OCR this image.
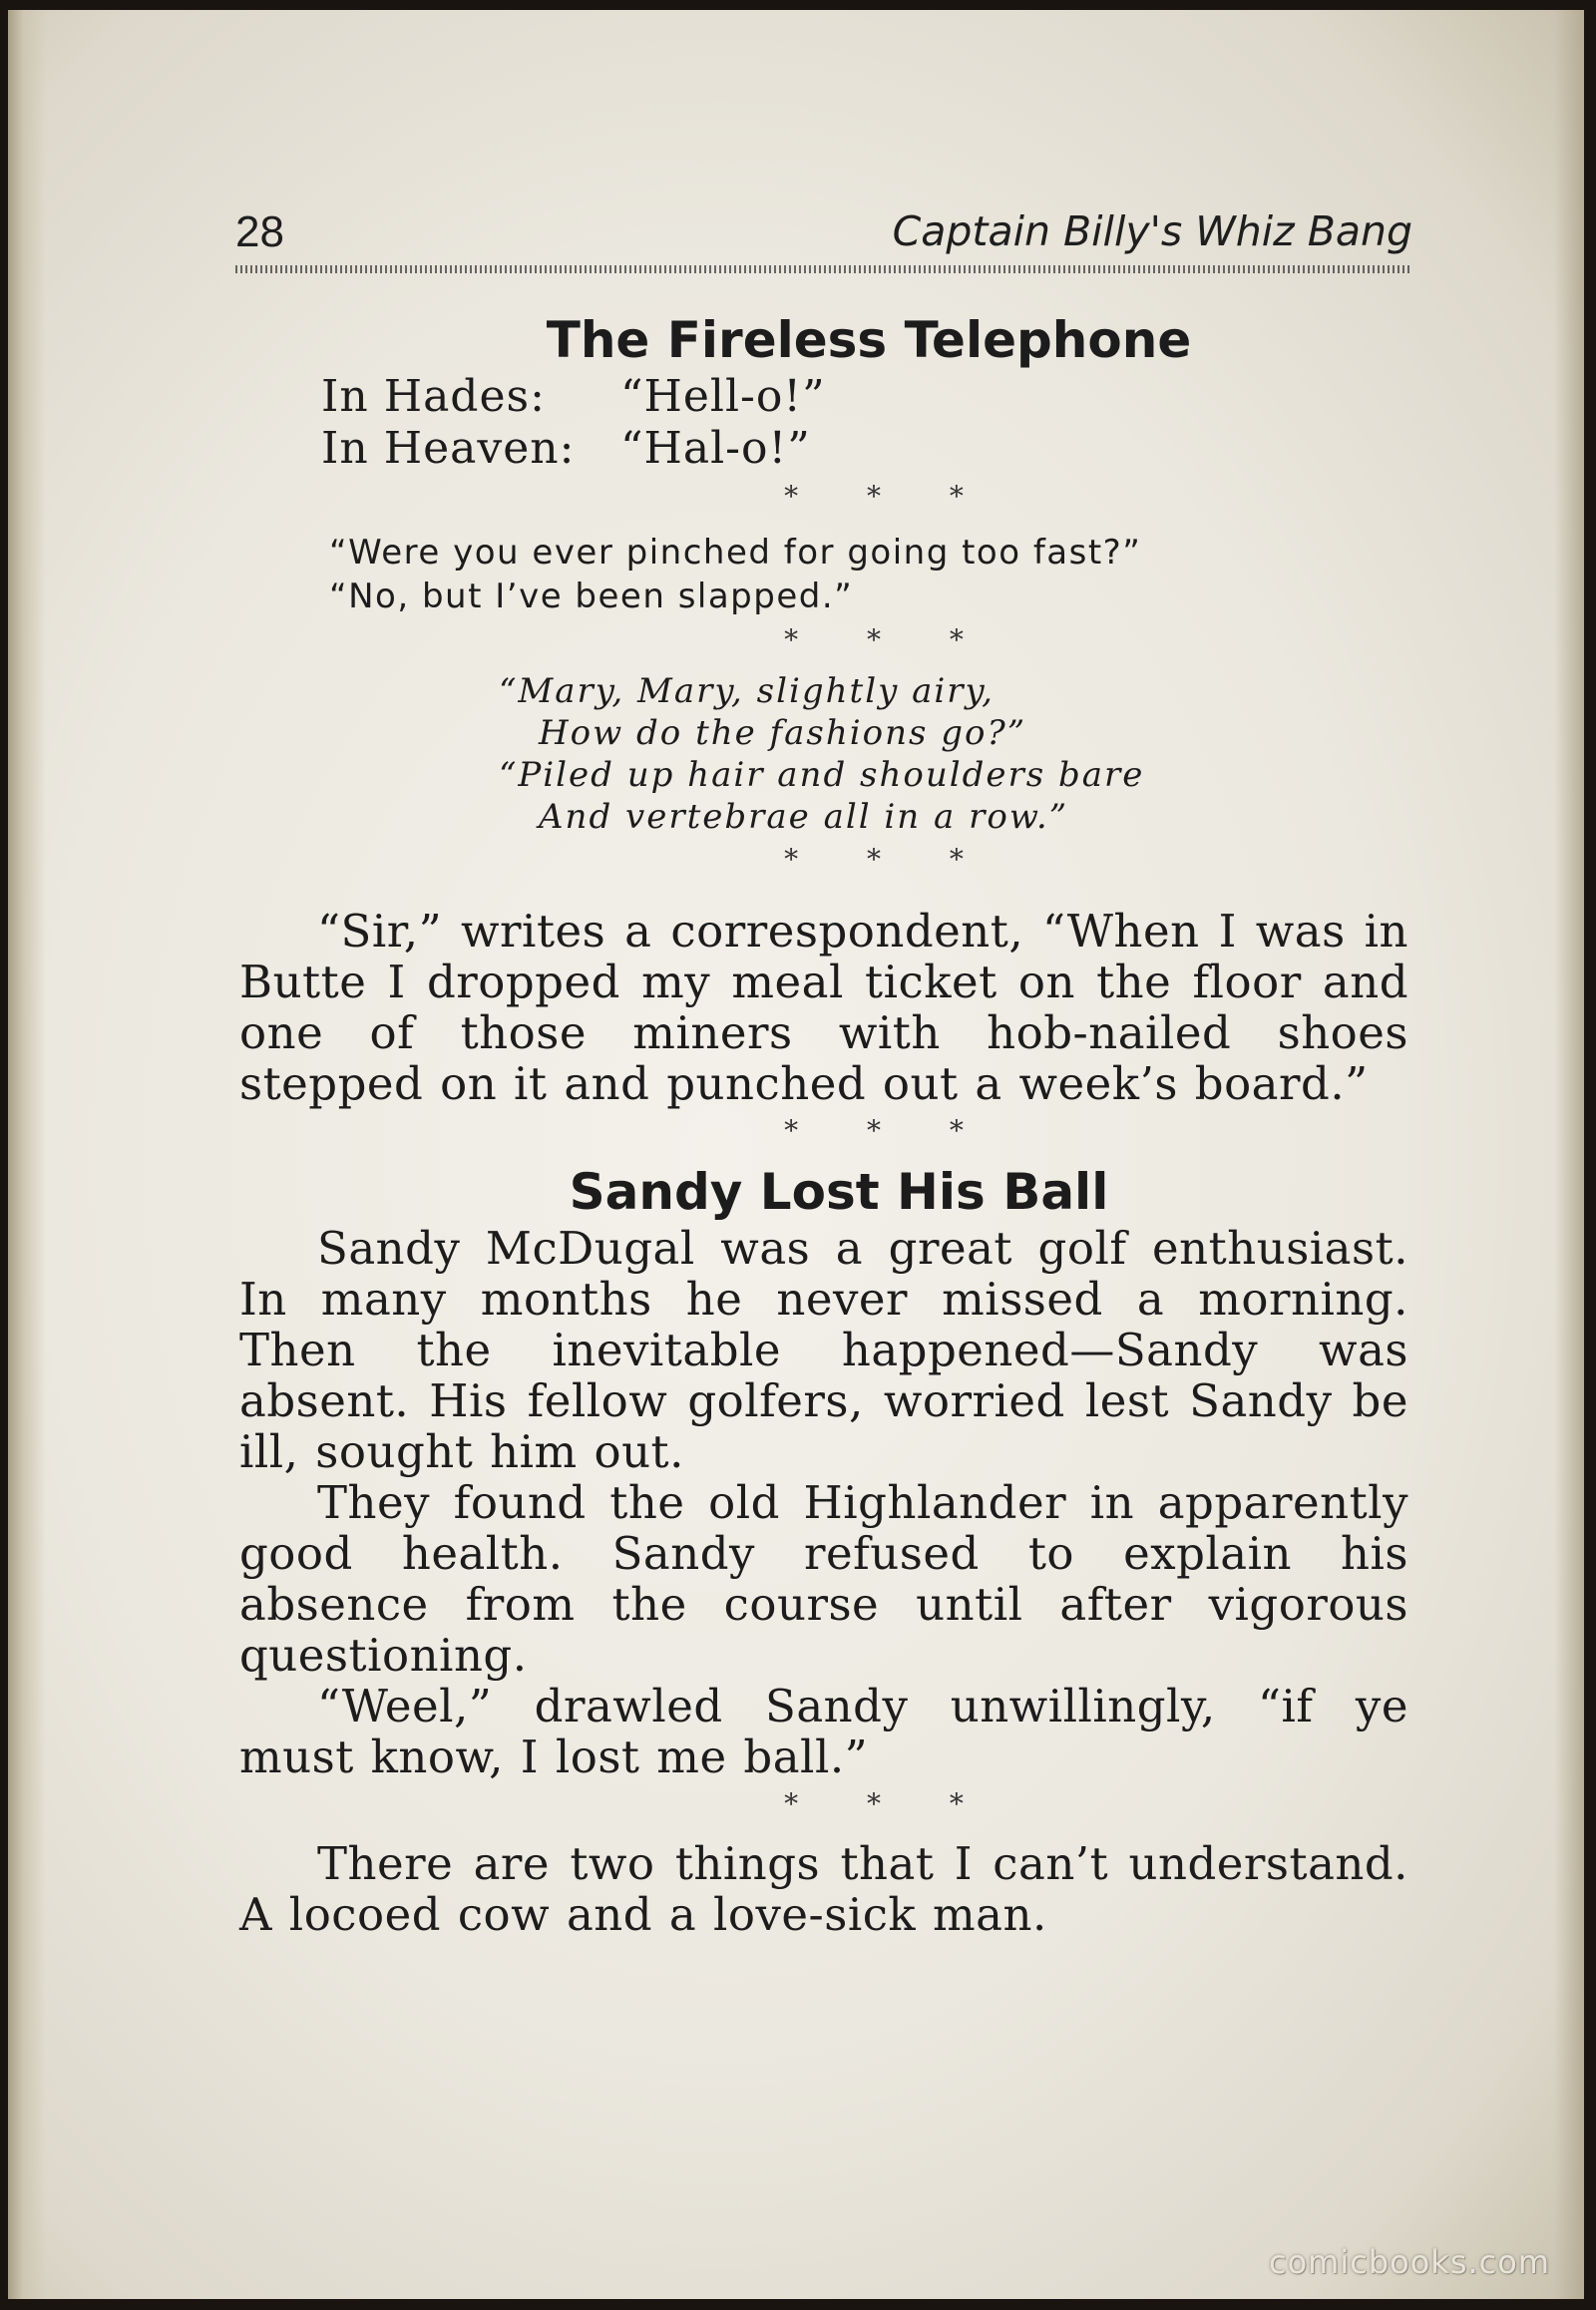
28	Captain Billy's Whiz Bang
The Fireless Telephone
In Hades: “Hell-o!”
In Heaven: “Hal-o!”
* * *
“Were you ever pinched for going too fast?”
“No, but I’ve been slapped.”
* * *
“Mary, Mary, slightly airy,
How do the fashions go?”
“Piled up hair and shoulders bare
And vertebrae all in a row.”
* * *

“Sir,” writes a correspondent, “When I was in Butte I dropped my meal ticket on the floor and one of those miners with hob-nailed shoes stepped on it and punched out a week’s board.”

* * *
Sandy Lost His Ball

Sandy McDugal was a great golf enthusiast. In many months he never missed a morning. Then the inevitable happened—Sandy was absent. His fellow golfers, worried lest Sandy be ill, sought him out.

They found the old Highlander in apparently good health. Sandy refused to explain his absence from the course until after vigorous questioning.

“Weel,” drawled Sandy unwillingly, “if ye must know, I lost me ball.”

* * *

There are two things that I can’t understand. A locoed cow and a love-sick man.

comicbooks.com
